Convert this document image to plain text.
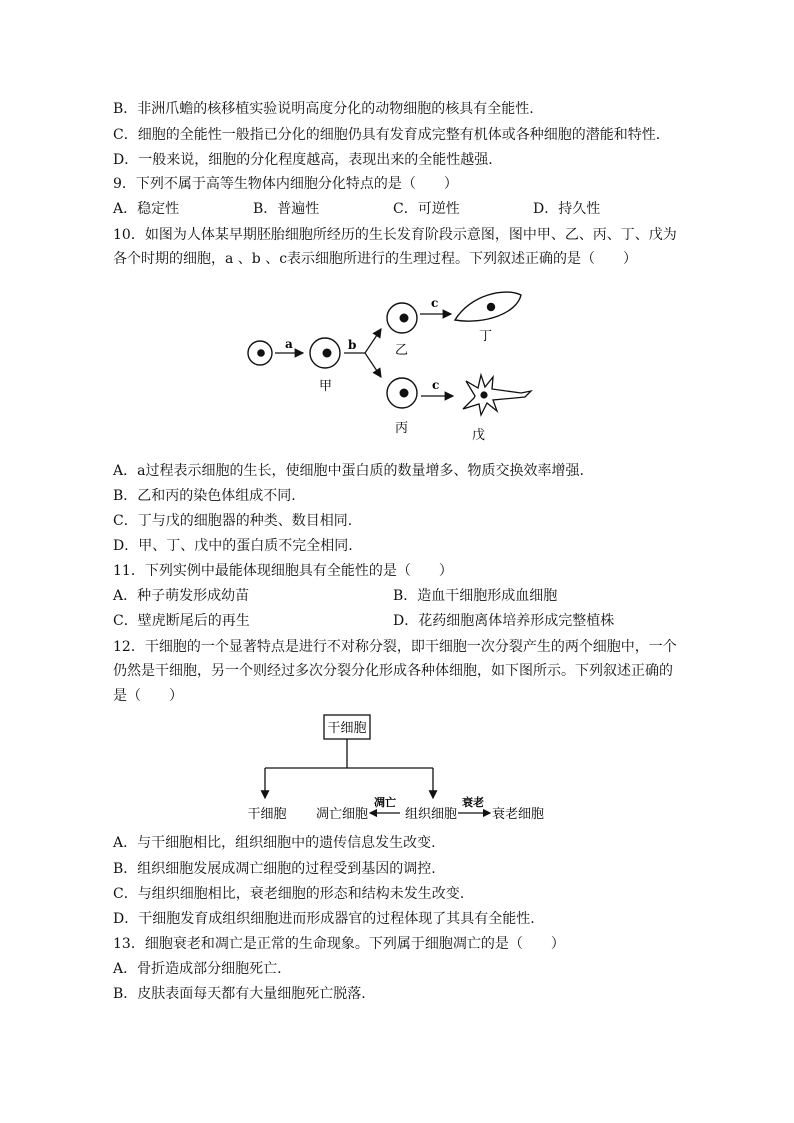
B．非洲爪蟾的核移植实验说明高度分化的动物细胞的核具有全能性.
C．细胞的全能性一般指已分化的细胞仍具有发育成完整有机体或各种细胞的潜能和特性.
D．一般来说，细胞的分化程度越高，表现出来的全能性越强.
9．下列不属于高等生物体内细胞分化特点的是（　　）
A．稳定性	B．普遍性	C．可逆性	D．持久性
10．如图为人体某早期胚胎细胞所经历的生长发育阶段示意图，图中甲、乙、丙、丁、戊为
各个时期的细胞，a 、b 、c表示细胞所进行的生理过程。下列叙述正确的是（　　）
a
甲
b	乙
c
丁
丙
c
戊
A．a过程表示细胞的生长，使细胞中蛋白质的数量增多、物质交换效率增强.
B．乙和丙的染色体组成不同.
C．丁与戊的细胞器的种类、数目相同.
D．甲、丁、戊中的蛋白质不完全相同.
11．下列实例中最能体现细胞具有全能性的是（　　）
A．种子萌发形成幼苗	B．造血干细胞形成血细胞
C．壁虎断尾后的再生	D．花药细胞离体培养形成完整植株
12．干细胞的一个显著特点是进行不对称分裂，即干细胞一次分裂产生的两个细胞中，一个
仍然是干细胞，另一个则经过多次分裂分化形成各种体细胞，如下图所示。下列叙述正确的
是（　　）
干细胞
干细胞 凋亡细胞
凋亡
组织细胞
衰老
衰老细胞
A．与干细胞相比，组织细胞中的遗传信息发生改变.
B．组织细胞发展成凋亡细胞的过程受到基因的调控.
C．与组织细胞相比，衰老细胞的形态和结构未发生改变.
D．干细胞发育成组织细胞进而形成器官的过程体现了其具有全能性.
13．细胞衰老和凋亡是正常的生命现象。下列属于细胞凋亡的是（　　）
A．骨折造成部分细胞死亡.
B．皮肤表面每天都有大量细胞死亡脱落.
